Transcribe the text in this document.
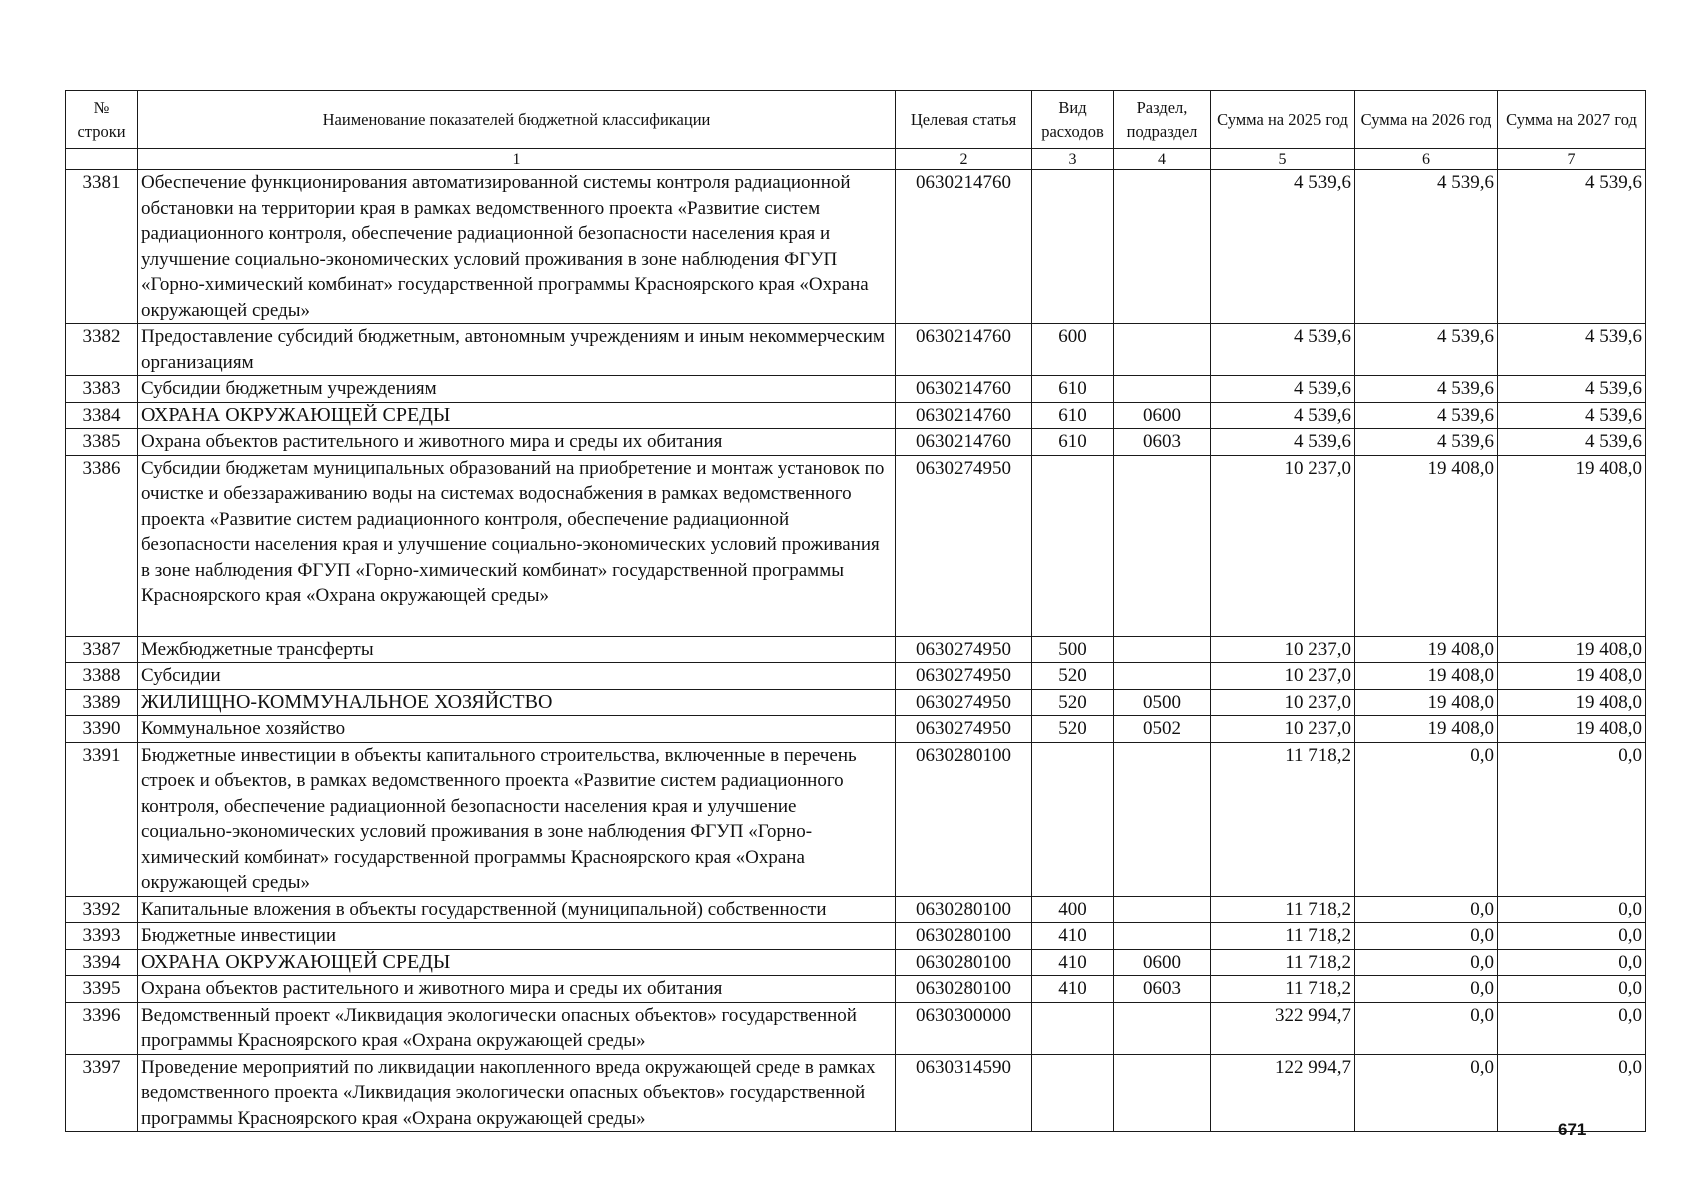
№ строки	Наименование показателей бюджетной классификации	Целевая статья	Вид расходов	Раздел, подраздел	Сумма на 2025 год	Сумма на 2026 год	Сумма на 2027 год
	1	2	3	4	5	6	7
3381	Обеспечение функционирования автоматизированной системы контроля радиационной обстановки на территории края в рамках ведомственного проекта «Развитие систем радиационного контроля, обеспечение радиационной безопасности населения края и улучшение социально-экономических условий проживания в зоне наблюдения ФГУП «Горно-химический комбинат» государственной программы Красноярского края «Охрана окружающей среды»	0630214760			4 539,6	4 539,6	4 539,6
3382	Предоставление субсидий бюджетным, автономным учреждениям и иным некоммерческим организациям	0630214760	600		4 539,6	4 539,6	4 539,6
3383	Субсидии бюджетным учреждениям	0630214760	610		4 539,6	4 539,6	4 539,6
3384	ОХРАНА ОКРУЖАЮЩЕЙ СРЕДЫ	0630214760	610	0600	4 539,6	4 539,6	4 539,6
3385	Охрана объектов растительного и животного мира и среды их обитания	0630214760	610	0603	4 539,6	4 539,6	4 539,6
3386	Субсидии бюджетам муниципальных образований на приобретение и монтаж установок по очистке и обеззараживанию воды на системах водоснабжения в рамках ведомственного проекта «Развитие систем радиационного контроля, обеспечение радиационной безопасности населения края и улучшение социально-экономических условий проживания в зоне наблюдения ФГУП «Горно-химический комбинат» государственной программы Красноярского края «Охрана окружающей среды»	0630274950			10 237,0	19 408,0	19 408,0
3387	Межбюджетные трансферты	0630274950	500		10 237,0	19 408,0	19 408,0
3388	Субсидии	0630274950	520		10 237,0	19 408,0	19 408,0
3389	ЖИЛИЩНО-КОММУНАЛЬНОЕ ХОЗЯЙСТВО	0630274950	520	0500	10 237,0	19 408,0	19 408,0
3390	Коммунальное хозяйство	0630274950	520	0502	10 237,0	19 408,0	19 408,0
3391	Бюджетные инвестиции в объекты капитального строительства, включенные в перечень строек и объектов, в рамках ведомственного проекта «Развитие систем радиационного контроля, обеспечение радиационной безопасности населения края и улучшение социально-экономических условий проживания в зоне наблюдения ФГУП «Горно-химический комбинат» государственной программы Красноярского края «Охрана окружающей среды»	0630280100			11 718,2	0,0	0,0
3392	Капитальные вложения в объекты государственной (муниципальной) собственности	0630280100	400		11 718,2	0,0	0,0
3393	Бюджетные инвестиции	0630280100	410		11 718,2	0,0	0,0
3394	ОХРАНА ОКРУЖАЮЩЕЙ СРЕДЫ	0630280100	410	0600	11 718,2	0,0	0,0
3395	Охрана объектов растительного и животного мира и среды их обитания	0630280100	410	0603	11 718,2	0,0	0,0
3396	Ведомственный проект «Ликвидация экологически опасных объектов» государственной программы Красноярского края «Охрана окружающей среды»	0630300000			322 994,7	0,0	0,0
3397	Проведение мероприятий по ликвидации накопленного вреда окружающей среде в рамках ведомственного проекта «Ликвидация экологически опасных объектов» государственной программы Красноярского края «Охрана окружающей среды»	0630314590			122 994,7	0,0	0,0
671
